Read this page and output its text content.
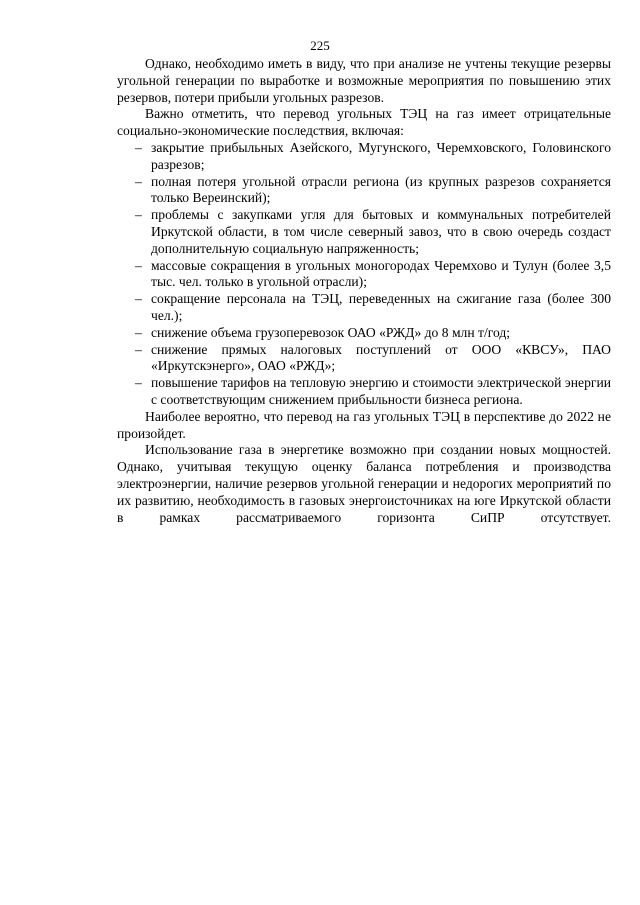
225

Однако, необходимо иметь в виду, что при анализе не учтены текущие резервы угольной генерации по выработке и возможные мероприятия по повышению этих резервов, потери прибыли угольных разрезов.

Важно отметить, что перевод угольных ТЭЦ на газ имеет отрицательные социально-экономические последствия, включая:

– закрытие прибыльных Азейского, Мугунского, Черемховского, Головинского разрезов;
– полная потеря угольной отрасли региона (из крупных разрезов сохраняется только Вереинский);
– проблемы с закупками угля для бытовых и коммунальных потребителей Иркутской области, в том числе северный завоз, что в свою очередь создаст дополнительную социальную напряженность;
– массовые сокращения в угольных моногородах Черемхово и Тулун (более 3,5 тыс. чел. только в угольной отрасли);
– сокращение персонала на ТЭЦ, переведенных на сжигание газа (более 300 чел.);
– снижение объема грузоперевозок ОАО «РЖД» до 8 млн т/год;
– снижение прямых налоговых поступлений от ООО «КВСУ», ПАО «Иркутскэнерго», ОАО «РЖД»;
– повышение тарифов на тепловую энергию и стоимости электрической энергии с соответствующим снижением прибыльности бизнеса региона.

Наиболее вероятно, что перевод на газ угольных ТЭЦ в перспективе до 2022 не произойдет.

Использование газа в энергетике возможно при создании новых мощностей. Однако, учитывая текущую оценку баланса потребления и производства электроэнергии, наличие резервов угольной генерации и недорогих мероприятий по их развитию, необходимость в газовых энергоисточниках на юге Иркутской области в рамках рассматриваемого горизонта СиПР отсутствует.
